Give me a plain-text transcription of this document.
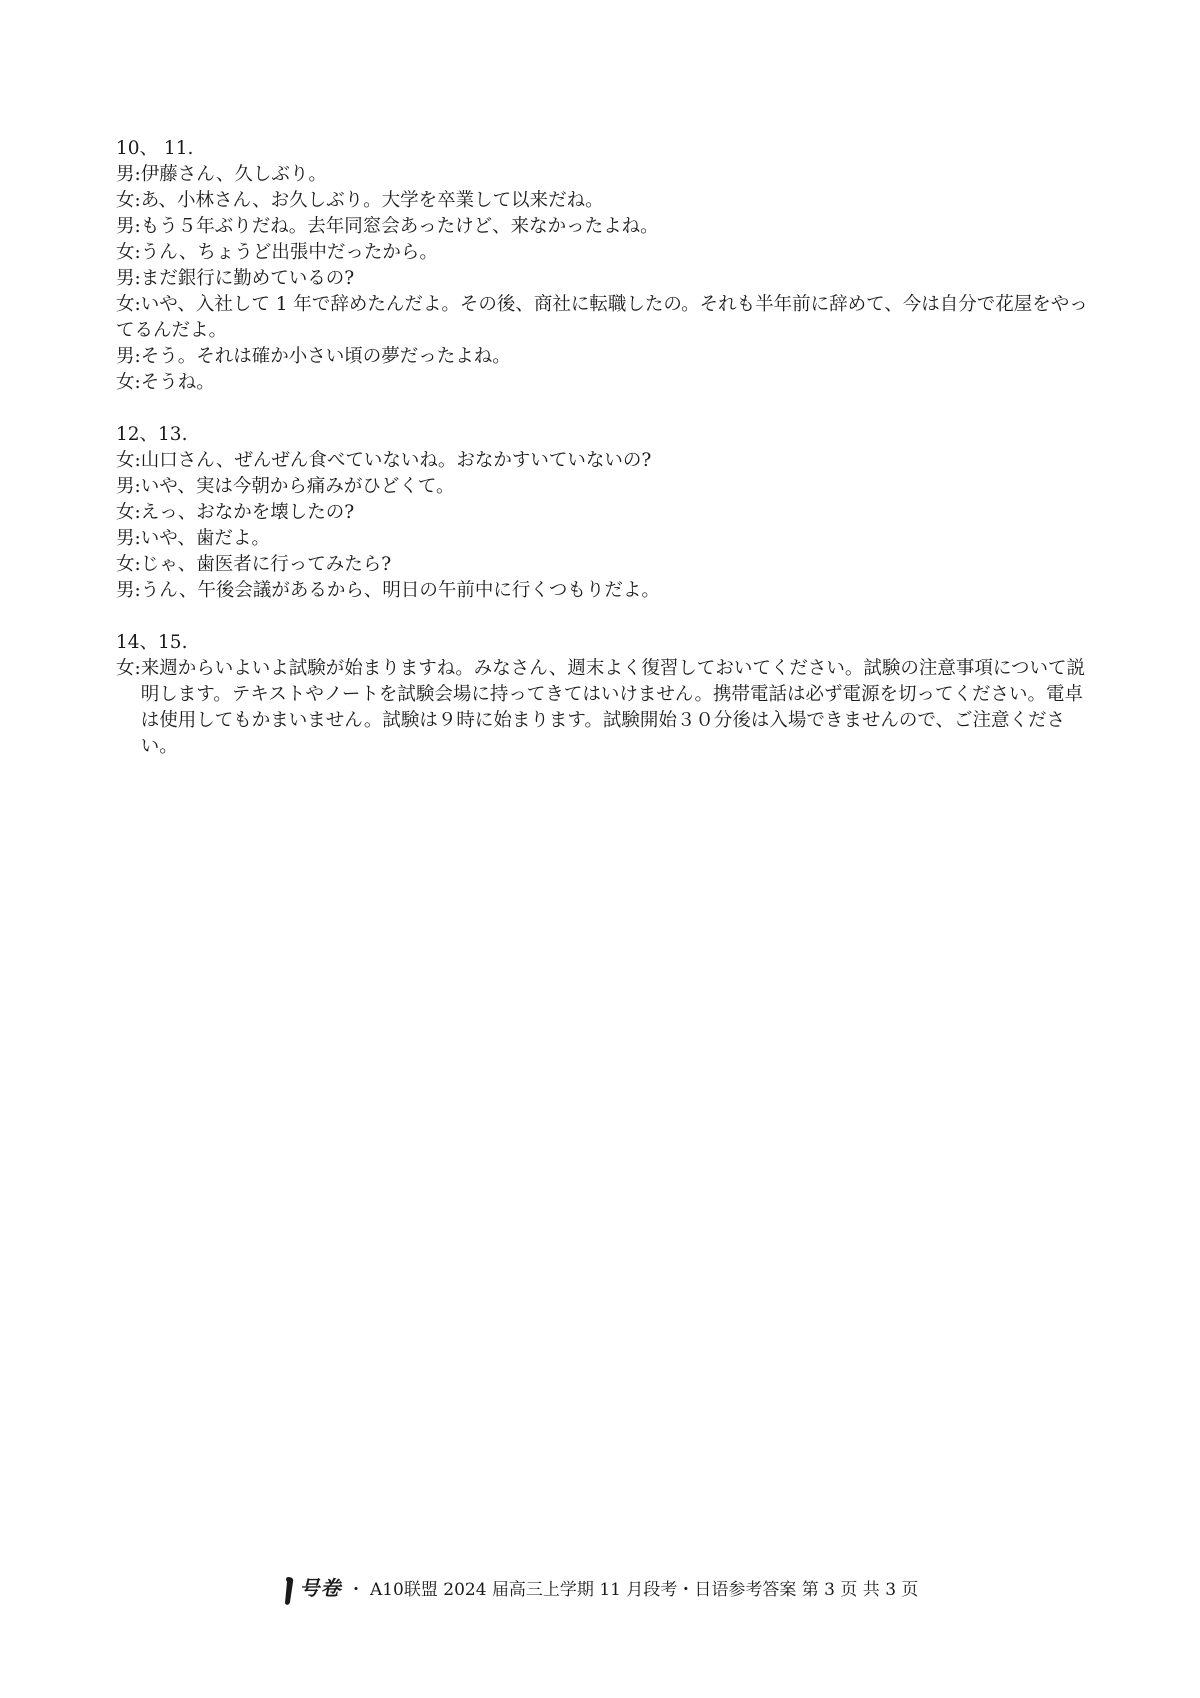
10、 11.
男:伊藤さん、久しぶり。
女:あ、小林さん、お久しぶり。大学を卒業して以来だね。
男:もう５年ぶりだね。去年同窓会あったけど、来なかったよね。
女:うん、ちょうど出張中だったから。
男:まだ銀行に勤めているの?
女:いや、入社して 1 年で辞めたんだよ。その後、商社に転職したの。それも半年前に辞めて、今は自分で花屋をやってるんだよ。
男:そう。それは確か小さい頃の夢だったよね。
女:そうね。
12、13.
女:山口さん、ぜんぜん食べていないね。おなかすいていないの?
男:いや、実は今朝から痛みがひどくて。
女:えっ、おなかを壊したの?
男:いや、歯だよ。
女:じゃ、歯医者に行ってみたら?
男:うん、午後会議があるから、明日の午前中に行くつもりだよ。
14、15.
女 : 来週からいよいよ試験が始まりますね。みなさん、週末よく復習しておいてください。試験の注意事項について説明します。テキストやノートを試験会場に持ってきてはいけません。携帯電話は必ず電源を切ってください。電卓は使用してもかまいません。試験は９時に始まります。試験開始３０分後は入場できませんので、ご注意ください。
号卷 ・ A10联盟 2024 届高三上学期 11 月段考・日语参考答案 第 3 页 共 3 页
